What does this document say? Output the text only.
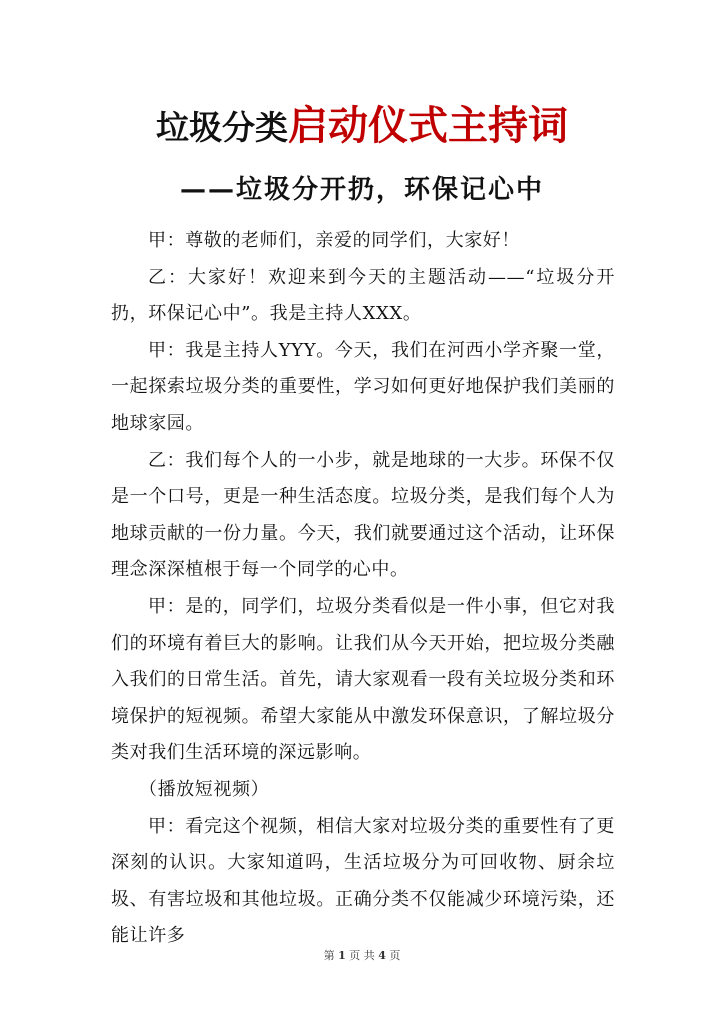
垃圾分类启动仪式主持词
——垃圾分开扔，环保记心中

甲：尊敬的老师们，亲爱的同学们，大家好！

乙：大家好！欢迎来到今天的主题活动——“垃圾分开扔，环保记心中”。我是主持人XXX。

甲：我是主持人YYY。今天，我们在河西小学齐聚一堂，一起探索垃圾分类的重要性，学习如何更好地保护我们美丽的地球家园。

乙：我们每个人的一小步，就是地球的一大步。环保不仅是一个口号，更是一种生活态度。垃圾分类，是我们每个人为地球贡献的一份力量。今天，我们就要通过这个活动，让环保理念深深植根于每一个同学的心中。

甲：是的，同学们，垃圾分类看似是一件小事，但它对我们的环境有着巨大的影响。让我们从今天开始，把垃圾分类融入我们的日常生活。首先，请大家观看一段有关垃圾分类和环境保护的短视频。希望大家能从中激发环保意识，了解垃圾分类对我们生活环境的深远影响。

（播放短视频）

甲：看完这个视频，相信大家对垃圾分类的重要性有了更深刻的认识。大家知道吗，生活垃圾分为可回收物、厨余垃圾、有害垃圾和其他垃圾。正确分类不仅能减少环境污染，还能让许多

第 1 页 共 4 页
